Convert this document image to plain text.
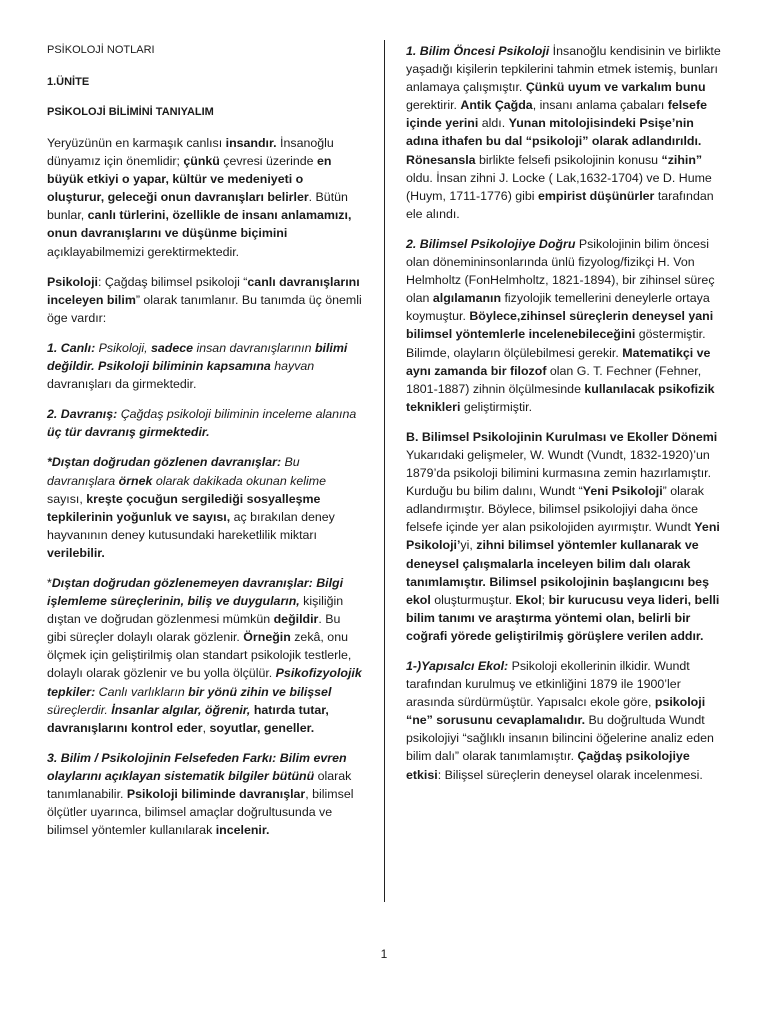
PSİKOLOJİ NOTLARI

1.ÜNİTE

PSİKOLOJİ BİLİMİNİ TANIYALIM

Yeryüzünün en karmaşık canlısı insandır. İnsanoğlu dünyamız için önemlidir; çünkü çevresi üzerinde en büyük etkiyi o yapar, kültür ve medeniyeti o oluşturur, geleceği onun davranışları belirler. Bütün bunlar, canlı türlerini, özellikle de insanı anlamamızı, onun davranışlarını ve düşünme biçimini açıklayabilmemizi gerektirmektedir.

Psikoloji: Çağdaş bilimsel psikoloji “canlı davranışlarını inceleyen bilim” olarak tanımlanır. Bu tanımda üç önemli öge vardır:

1. Canlı: Psikoloji, sadece insan davranışlarının bilimi değildir. Psikoloji biliminin kapsamına hayvan davranışları da girmektedir.

2. Davranış: Çağdaş psikoloji biliminin inceleme alanına üç tür davranış girmektedir.

*Dıştan doğrudan gözlenen davranışlar: Bu davranışlara örnek olarak dakikada okunan kelime sayısı, kreşte çocuğun sergilediği sosyalleşme tepkilerinin yoğunluk ve sayısı, aç bırakılan deney hayvanının deney kutusundaki hareketlilik miktarı verilebilir.

*Dıştan doğrudan gözlenemeyen davranışlar: Bilgi işlemleme süreçlerinin, biliş ve duyguların, kişiliğin dıştan ve doğrudan gözlenmesi mümkün değildir. Bu gibi süreçler dolaylı olarak gözlenir. Örneğin zekâ, onu ölçmek için geliştirilmiş olan standart psikolojik testlerle, dolaylı olarak gözlenir ve bu yolla ölçülür. Psikofizyolojik tepkiler: Canlı varlıkların bir yönü zihin ve bilişsel süreçlerdir. İnsanlar algılar, öğrenir, hatırda tutar, davranışlarını kontrol eder, soyutlar, geneller.

3. Bilim / Psikolojinin Felsefeden Farkı: Bilim evren olaylarını açıklayan sistematik bilgiler bütünü olarak tanımlanabilir. Psikoloji biliminde davranışlar, bilimsel ölçütler uyarınca, bilimsel amaçlar doğrultusunda ve bilimsel yöntemler kullanılarak incelenir.

1. Bilim Öncesi Psikoloji İnsanoğlu kendisinin ve birlikte yaşadığı kişilerin tepkilerini tahmin etmek istemiş, bunları anlamaya çalışmıştır. Çünkü uyum ve varkalım bunu gerektirir. Antik Çağda, insanı anlama çabaları felsefe içinde yerini aldı. Yunan mitolojisindeki Psişe’nin adına ithafen bu dal “psikoloji” olarak adlandırıldı. Rönesansla birlikte felsefi psikolojinin konusu “zihin” oldu. İnsan zihni J. Locke ( Lak,1632-1704) ve D. Hume (Huym, 1711-1776) gibi empirist düşünürler tarafından ele alındı.

2. Bilimsel Psikolojiye Doğru Psikolojinin bilim öncesi olan dönemininsonlarında ünlü fizyolog/fizikçi H. Von Helmholtz (FonHelmholtz, 1821-1894), bir zihinsel süreç olan algılamanın fizyolojik temellerini deneylerle ortaya koymuştur. Böylece,zihinsel süreçlerin deneysel yani bilimsel yöntemlerle incelenebileceğini göstermiştir. Bilimde, olayların ölçülebilmesi gerekir. Matematikçi ve aynı zamanda bir filozof olan G. T. Fechner (Fehner, 1801-1887) zihnin ölçülmesinde kullanılacak psikofizik teknikleri geliştirmiştir.

B. Bilimsel Psikolojinin Kurulması ve Ekoller Dönemi Yukarıdaki gelişmeler, W. Wundt (Vundt, 1832-1920)’un 1879’da psikoloji bilimini kurmasına zemin hazırlamıştır. Kurduğu bu bilim dalını, Wundt “Yeni Psikoloji” olarak adlandırmıştır. Böylece, bilimsel psikolojiyi daha önce felsefe içinde yer alan psikolojiden ayırmıştır. Wundt Yeni Psikoloji’yi, zihni bilimsel yöntemler kullanarak ve deneysel çalışmalarla inceleyen bilim dalı olarak tanımlamıştır. Bilimsel psikolojinin başlangıcını beş ekol oluşturmuştur. Ekol; bir kurucusu veya lideri, belli bilim tanımı ve araştırma yöntemi olan, belirli bir coğrafi yörede geliştirilmiş görüşlere verilen addır.

1-)Yapısalcı Ekol: Psikoloji ekollerinin ilkidir. Wundt tarafından kurulmuş ve etkinliğini 1879 ile 1900’ler arasında sürdürmüştür. Yapısalcı ekole göre, psikoloji “ne” sorusunu cevaplamalıdır. Bu doğrultuda Wundt psikolojiyi “sağlıklı insanın bilincini öğelerine analiz eden bilim dalı” olarak tanımlamıştır. Çağdaş psikolojiye etkisi: Bilişsel süreçlerin deneysel olarak incelenmesi.

1
